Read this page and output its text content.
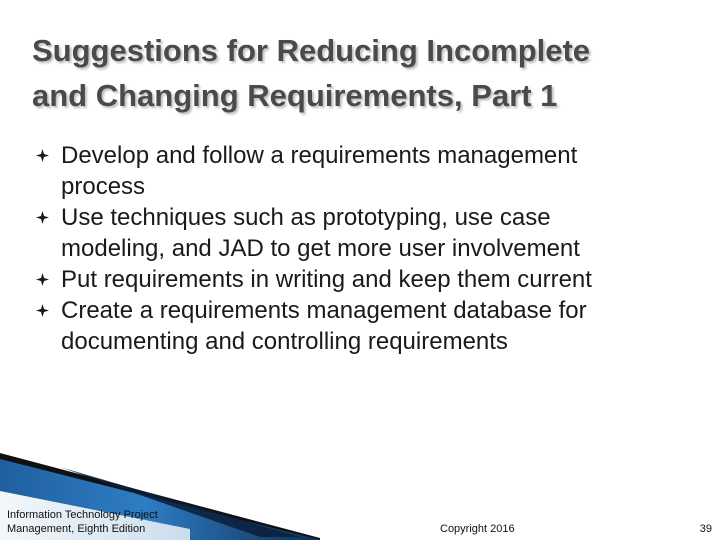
Suggestions for Reducing Incomplete
and Changing Requirements, Part 1
Develop and follow a requirements management
process
Use techniques such as prototyping, use case
modeling, and JAD to get more user involvement
Put requirements in writing and keep them current
Create a requirements management database for
documenting and controlling requirements
Information Technology Project
Management, Eighth Edition	Copyright 2016	39
